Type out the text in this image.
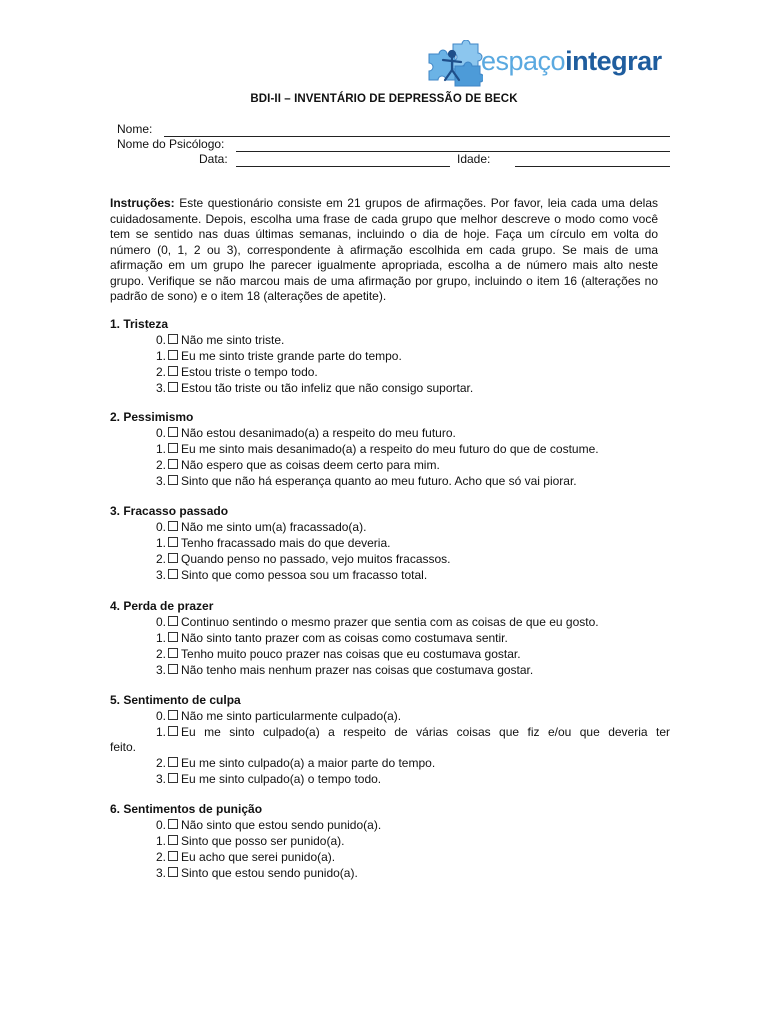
espaçointegrar
BDI-II – INVENTÁRIO DE DEPRESSÃO DE BECK
Nome:
Nome do Psicólogo:
Data:	Idade:
Instruções: Este questionário consiste em 21 grupos de afirmações. Por favor, leia cada uma delas cuidadosamente. Depois, escolha uma frase de cada grupo que melhor descreve o modo como você tem se sentido nas duas últimas semanas, incluindo o dia de hoje. Faça um círculo em volta do número (0, 1, 2 ou 3), correspondente à afirmação escolhida em cada grupo. Se mais de uma afirmação em um grupo lhe parecer igualmente apropriada, escolha a de número mais alto neste grupo. Verifique se não marcou mais de uma afirmação por grupo, incluindo o item 16 (alterações no padrão de sono) e o item 18 (alterações de apetite).
1. Tristeza
0. Não me sinto triste.
1. Eu me sinto triste grande parte do tempo.
2. Estou triste o tempo todo.
3. Estou tão triste ou tão infeliz que não consigo suportar.
2. Pessimismo
0. Não estou desanimado(a) a respeito do meu futuro.
1. Eu me sinto mais desanimado(a) a respeito do meu futuro do que de costume.
2. Não espero que as coisas deem certo para mim.
3. Sinto que não há esperança quanto ao meu futuro. Acho que só vai piorar.
3. Fracasso passado
0. Não me sinto um(a) fracassado(a).
1. Tenho fracassado mais do que deveria.
2. Quando penso no passado, vejo muitos fracassos.
3. Sinto que como pessoa sou um fracasso total.
4. Perda de prazer
0. Continuo sentindo o mesmo prazer que sentia com as coisas de que eu gosto.
1. Não sinto tanto prazer com as coisas como costumava sentir.
2. Tenho muito pouco prazer nas coisas que eu costumava gostar.
3. Não tenho mais nenhum prazer nas coisas que costumava gostar.
5. Sentimento de culpa
0. Não me sinto particularmente culpado(a).
1. Eu me sinto culpado(a) a respeito de várias coisas que fiz e/ou que deveria ter
feito.
2. Eu me sinto culpado(a) a maior parte do tempo.
3. Eu me sinto culpado(a) o tempo todo.
6. Sentimentos de punição
0. Não sinto que estou sendo punido(a).
1. Sinto que posso ser punido(a).
2. Eu acho que serei punido(a).
3. Sinto que estou sendo punido(a).
